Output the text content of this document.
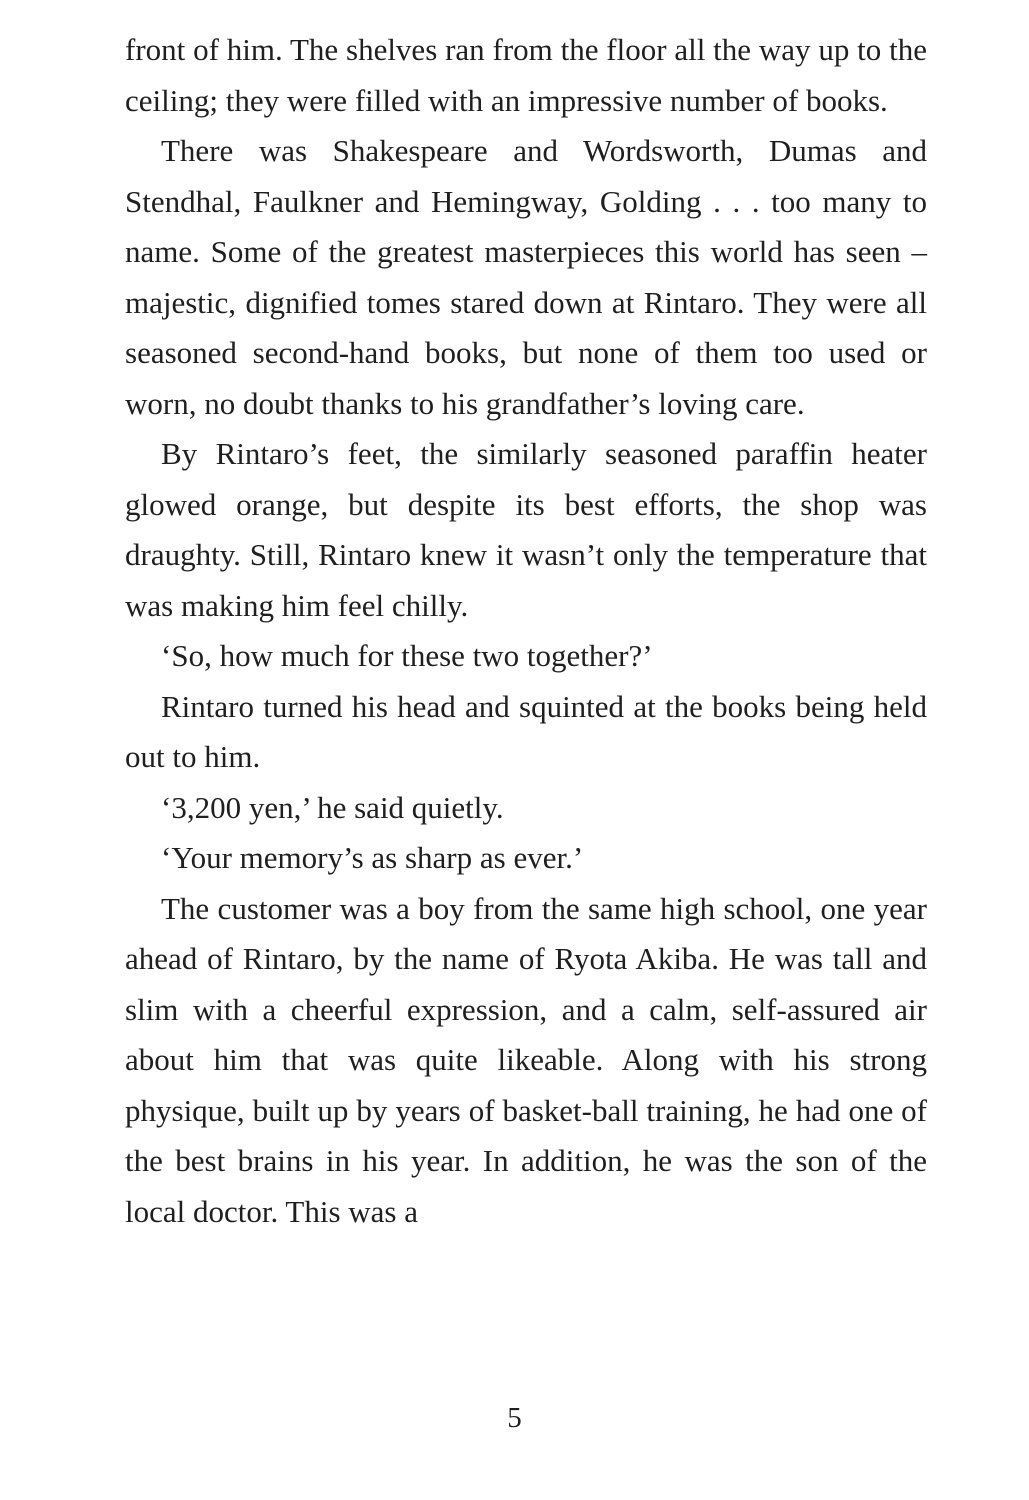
front of him. The shelves ran from the floor all the way up to the ceiling; they were filled with an impressive number of books.

There was Shakespeare and Wordsworth, Dumas and Stendhal, Faulkner and Hemingway, Golding . . . too many to name. Some of the greatest masterpieces this world has seen – majestic, dignified tomes stared down at Rintaro. They were all seasoned second-hand books, but none of them too used or worn, no doubt thanks to his grandfather’s loving care.

By Rintaro’s feet, the similarly seasoned paraffin heater glowed orange, but despite its best efforts, the shop was draughty. Still, Rintaro knew it wasn’t only the temperature that was making him feel chilly.

‘So, how much for these two together?’

Rintaro turned his head and squinted at the books being held out to him.

‘3,200 yen,’ he said quietly.

‘Your memory’s as sharp as ever.’

The customer was a boy from the same high school, one year ahead of Rintaro, by the name of Ryota Akiba. He was tall and slim with a cheerful expression, and a calm, self-assured air about him that was quite likeable. Along with his strong physique, built up by years of basket-ball training, he had one of the best brains in his year. In addition, he was the son of the local doctor. This was a

5
